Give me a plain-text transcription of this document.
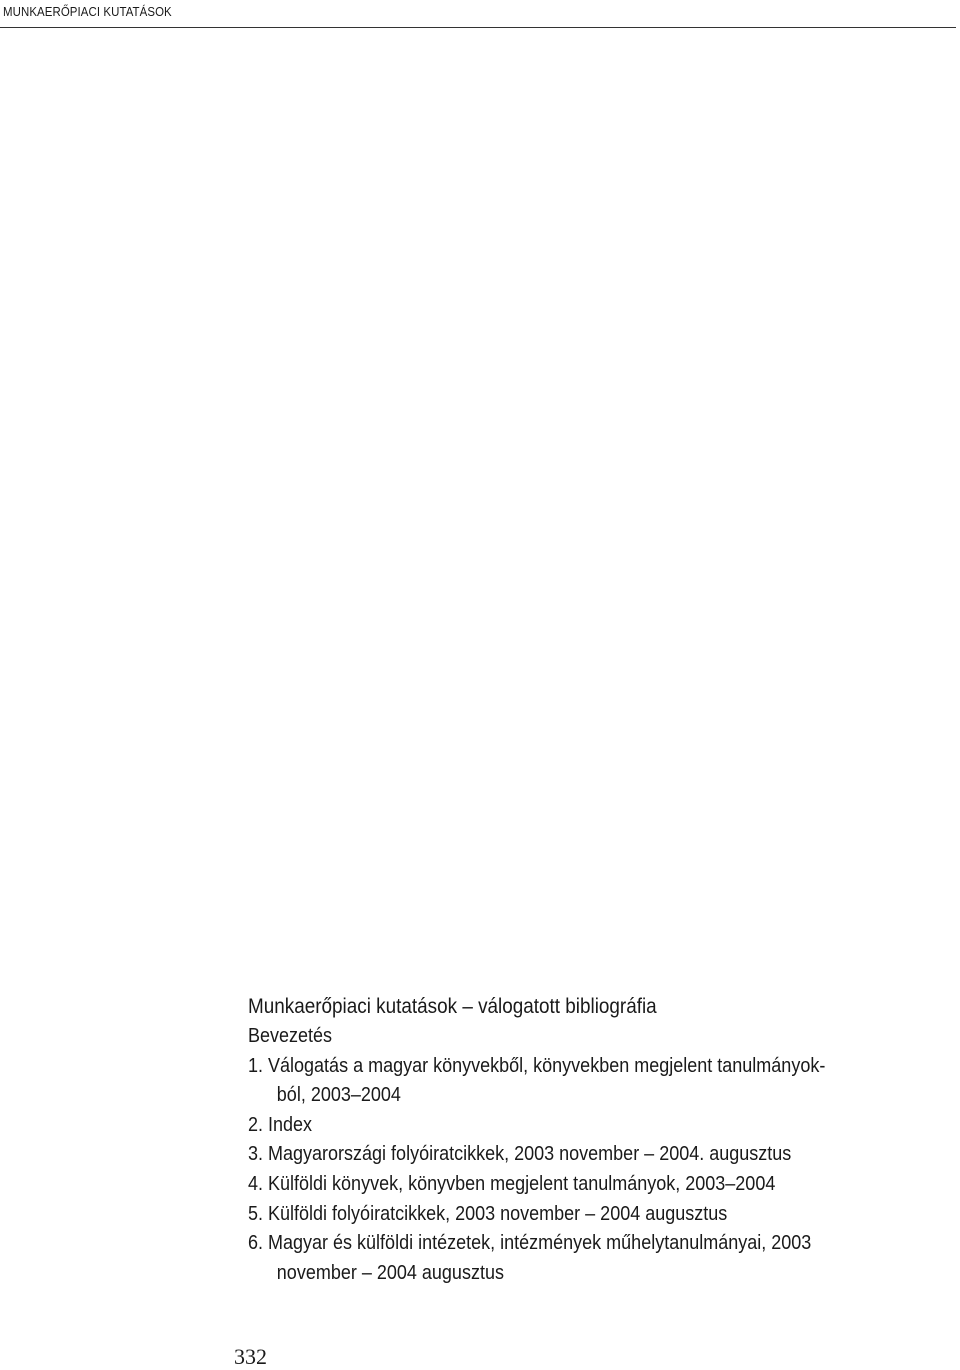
MUNKAERŐPIACI KUTATÁSOK
Munkaerőpiaci kutatások – válogatott bibliográfia
Bevezetés
1. Válogatás a magyar könyvekből, könyvekben megjelent tanulmányok-
ból, 2003–2004
2. Index
3. Magyarországi folyóiratcikkek, 2003 november – 2004. augusztus
4. Külföldi könyvek, könyvben megjelent tanulmányok, 2003–2004
5. Külföldi folyóiratcikkek, 2003 november – 2004 augusztus
6. Magyar és külföldi intézetek, intézmények műhelytanulmányai, 2003
november – 2004 augusztus
332
